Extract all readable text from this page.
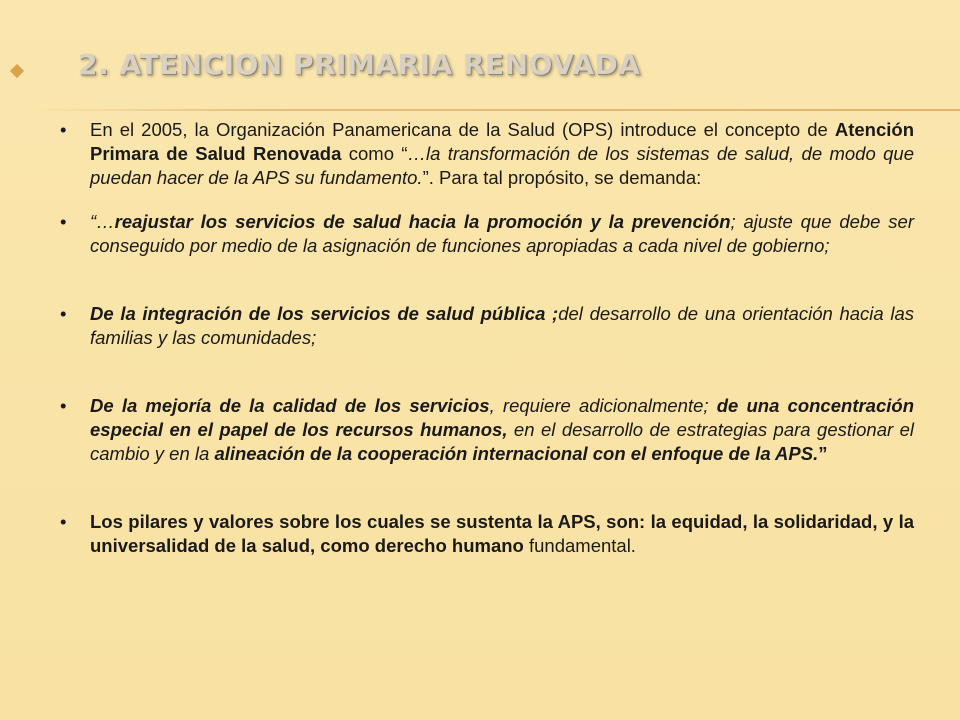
2. ATENCION PRIMARIA RENOVADA
• En el 2005, la Organización Panamericana de la Salud (OPS) introduce el concepto de Atención Primara de Salud Renovada como “…la transformación de los sistemas de salud, de modo que puedan hacer de la APS su fundamento.”. Para tal propósito, se demanda:
• “…reajustar los servicios de salud hacia la promoción y la prevención; ajuste que debe ser conseguido por medio de la asignación de funciones apropiadas a cada nivel de gobierno;
• De la integración de los servicios de salud pública ;del desarrollo de una orientación hacia las familias y las comunidades;
• De la mejoría de la calidad de los servicios, requiere adicionalmente; de una concentración especial en el papel de los recursos humanos, en el desarrollo de estrategias para gestionar el cambio y en la alineación de la cooperación internacional con el enfoque de la APS.”
• Los pilares y valores sobre los cuales se sustenta la APS, son: la equidad, la solidaridad, y la universalidad de la salud, como derecho humano fundamental.
